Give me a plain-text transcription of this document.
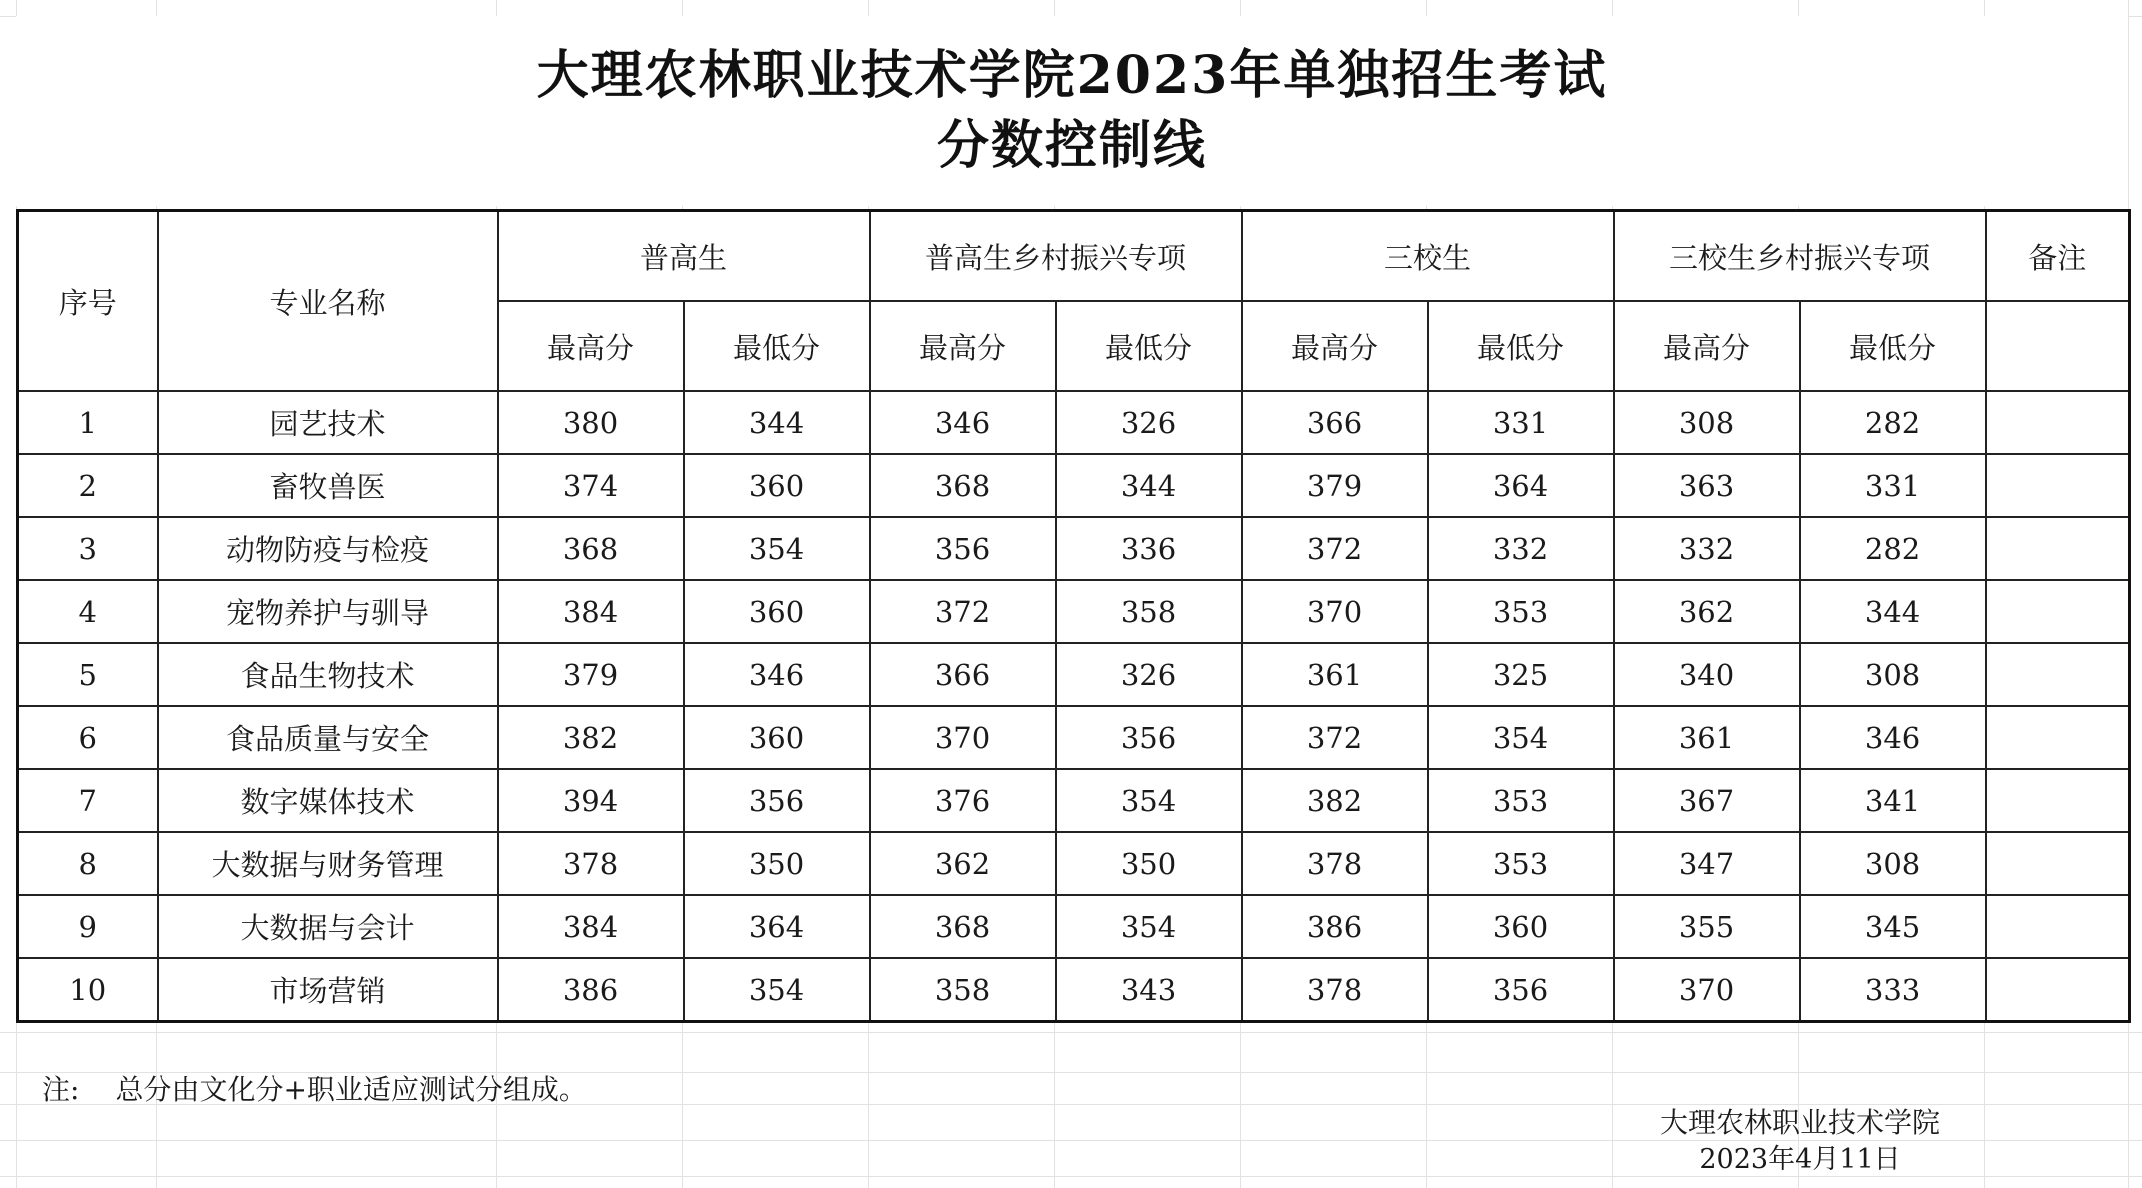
大理农林职业技术学院2023年单独招生考试
分数控制线
序号	专业名称	普高生		普高生乡村振兴专项		三校生		三校生乡村振兴专项		备注
		最高分	最低分	最高分	最低分	最高分	最低分	最高分	最低分	
1	园艺技术	380	344	346	326	366	331	308	282	
2	畜牧兽医	374	360	368	344	379	364	363	331	
3	动物防疫与检疫	368	354	356	336	372	332	332	282	
4	宠物养护与驯导	384	360	372	358	370	353	362	344	
5	食品生物技术	379	346	366	326	361	325	340	308	
6	食品质量与安全	382	360	370	356	372	354	361	346	
7	数字媒体技术	394	356	376	354	382	353	367	341	
8	大数据与财务管理	378	350	362	350	378	353	347	308	
9	大数据与会计	384	364	368	354	386	360	355	345	
10	市场营销	386	354	358	343	378	356	370	333	
注: 总分由文化分+职业适应测试分组成。
大理农林职业技术学院
2023年4月11日
